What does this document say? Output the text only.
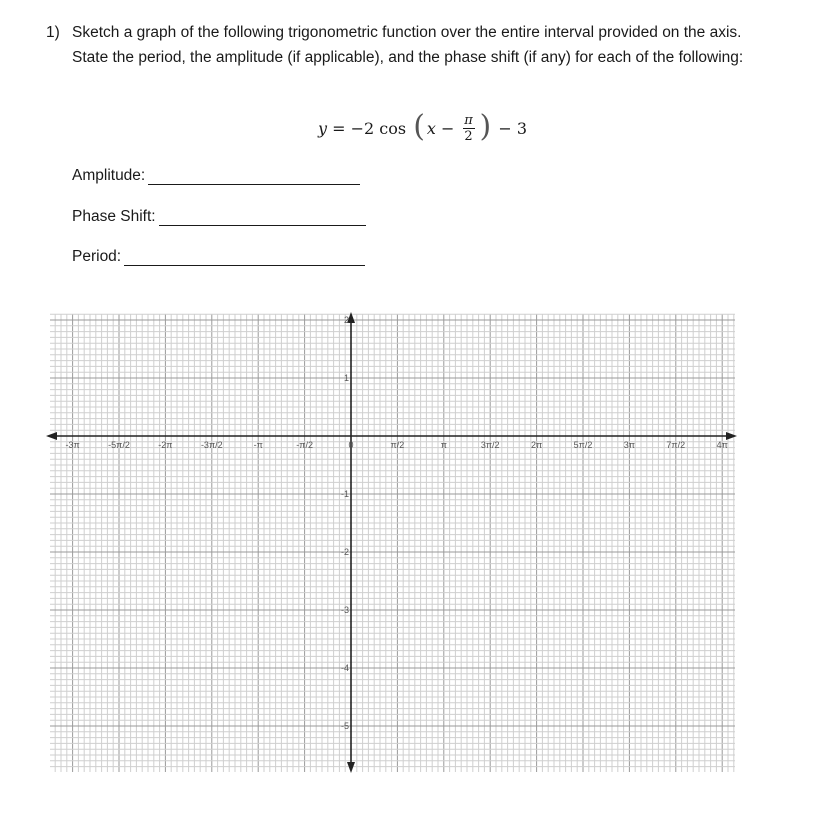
1) Sketch a graph of the following trigonometric function over the entire interval provided on the axis. State the period, the amplitude (if applicable), and the phase shift (if any) for each of the following:
y = −2 cos ( $x - \frac{\pi}{2}$ ) − 3
Amplitude:
Phase Shift:
Period:
-3π	-5π/2	-2π	-3π/2	-π	-π/2	0	π/2	π	3π/2	2π	5π/2	3π	7π/2	4π
2
1
-1
-2
-3
-4
-5
